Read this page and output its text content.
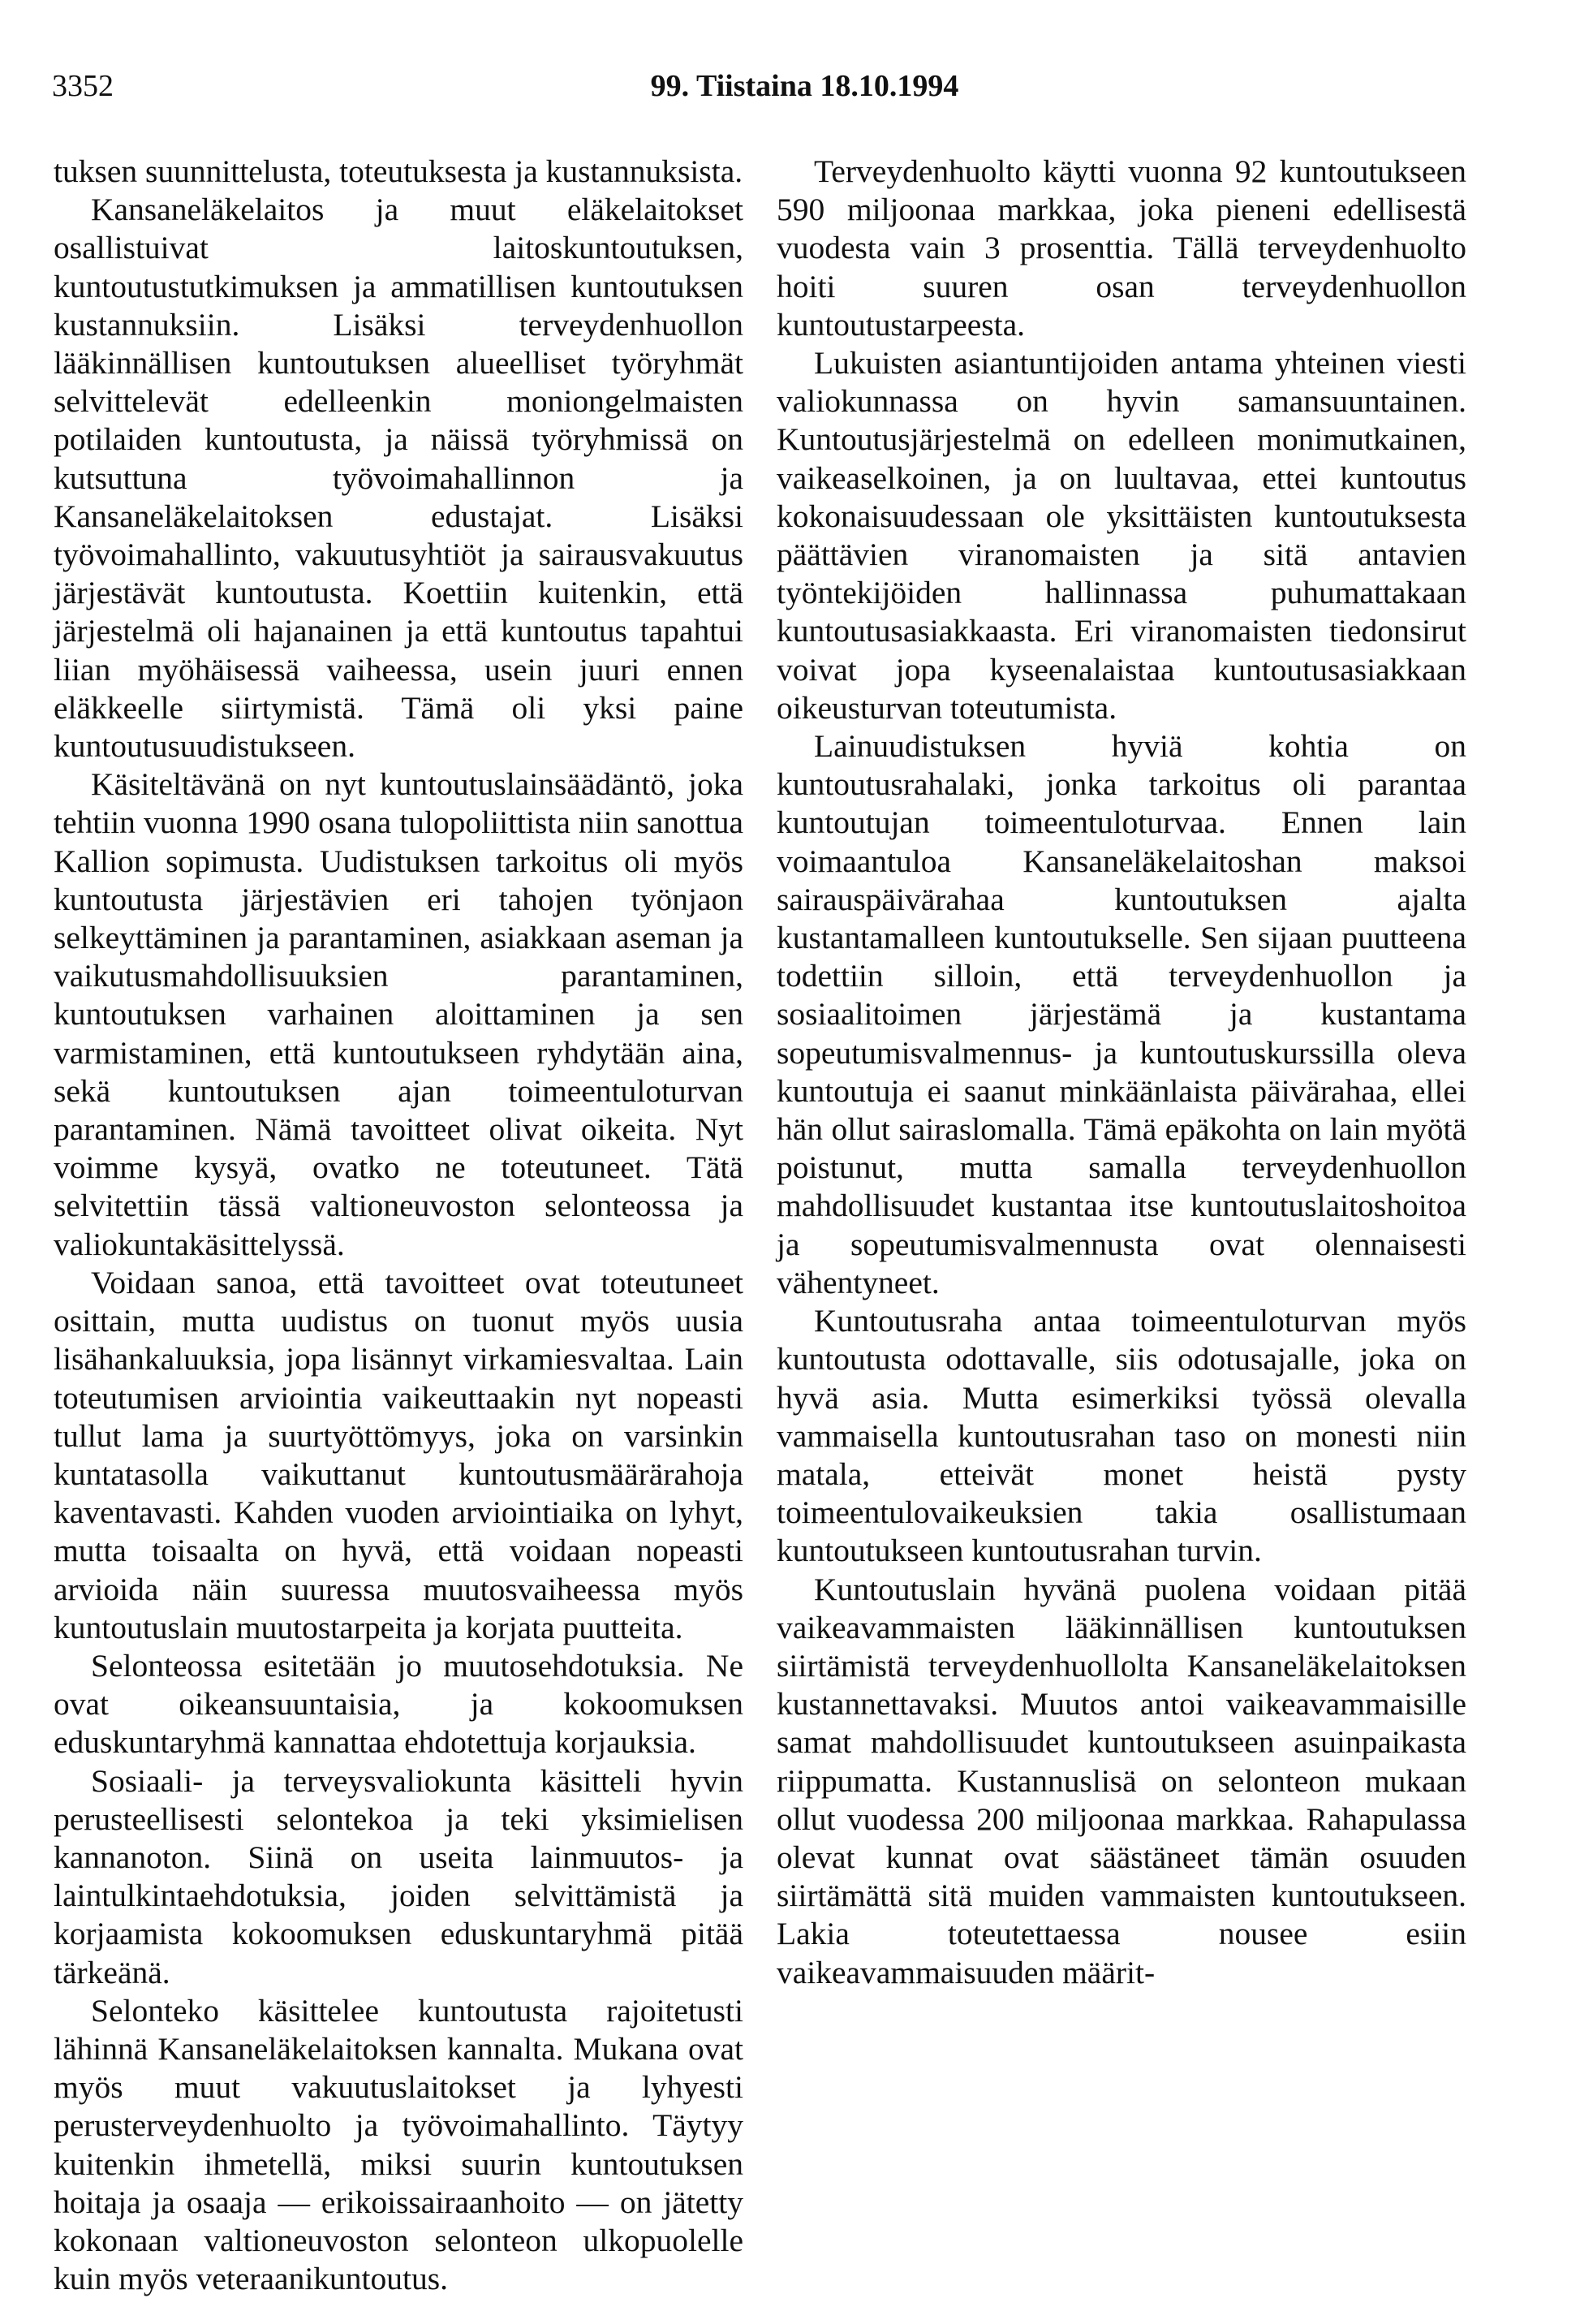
3352	99. Tiistaina 18.10.1994

tuksen suunnittelusta, toteutuksesta ja kustannuksista.

Kansaneläkelaitos ja muut eläkelaitokset osallistuivat laitoskuntoutuksen, kuntoutustutkimuksen ja ammatillisen kuntoutuksen kustannuksiin. Lisäksi terveydenhuollon lääkinnällisen kuntoutuksen alueelliset työryhmät selvittelevät edelleenkin moniongelmaisten potilaiden kuntoutusta, ja näissä työryhmissä on kutsuttuna työvoimahallinnon ja Kansaneläkelaitoksen edustajat. Lisäksi työvoimahallinto, vakuutusyhtiöt ja sairausvakuutus järjestävät kuntoutusta. Koettiin kuitenkin, että järjestelmä oli hajanainen ja että kuntoutus tapahtui liian myöhäisessä vaiheessa, usein juuri ennen eläkkeelle siirtymistä. Tämä oli yksi paine kuntoutusuudistukseen.

Käsiteltävänä on nyt kuntoutuslainsäädäntö, joka tehtiin vuonna 1990 osana tulopoliittista niin sanottua Kallion sopimusta. Uudistuksen tarkoitus oli myös kuntoutusta järjestävien eri tahojen työnjaon selkeyttäminen ja parantaminen, asiakkaan aseman ja vaikutusmahdollisuuksien parantaminen, kuntoutuksen varhainen aloittaminen ja sen varmistaminen, että kuntoutukseen ryhdytään aina, sekä kuntoutuksen ajan toimeentuloturvan parantaminen. Nämä tavoitteet olivat oikeita. Nyt voimme kysyä, ovatko ne toteutuneet. Tätä selvitettiin tässä valtioneuvoston selonteossa ja valiokuntakäsittelyssä.

Voidaan sanoa, että tavoitteet ovat toteutuneet osittain, mutta uudistus on tuonut myös uusia lisähankaluuksia, jopa lisännyt virkamiesvaltaa. Lain toteutumisen arviointia vaikeuttaakin nyt nopeasti tullut lama ja suurtyöttömyys, joka on varsinkin kuntatasolla vaikuttanut kuntoutusmäärärahoja kaventavasti. Kahden vuoden arviointiaika on lyhyt, mutta toisaalta on hyvä, että voidaan nopeasti arvioida näin suuressa muutosvaiheessa myös kuntoutuslain muutostarpeita ja korjata puutteita.

Selonteossa esitetään jo muutosehdotuksia. Ne ovat oikeansuuntaisia, ja kokoomuksen eduskuntaryhmä kannattaa ehdotettuja korjauksia.

Sosiaali- ja terveysvaliokunta käsitteli hyvin perusteellisesti selontekoa ja teki yksimielisen kannanoton. Siinä on useita lainmuutos- ja laintulkintaehdotuksia, joiden selvittämistä ja korjaamista kokoomuksen eduskuntaryhmä pitää tärkeänä.

Selonteko käsittelee kuntoutusta rajoitetusti lähinnä Kansaneläkelaitoksen kannalta. Mukana ovat myös muut vakuutuslaitokset ja lyhyesti perusterveydenhuolto ja työvoimahallinto. Täytyy kuitenkin ihmetellä, miksi suurin kuntoutuksen hoitaja ja osaaja — erikoissairaanhoito — on jätetty kokonaan valtioneuvoston selonteon ulkopuolelle kuin myös veteraanikuntoutus.

Terveydenhuolto käytti vuonna 92 kuntoutukseen 590 miljoonaa markkaa, joka pieneni edellisestä vuodesta vain 3 prosenttia. Tällä terveydenhuolto hoiti suuren osan terveydenhuollon kuntoutustarpeesta.

Lukuisten asiantuntijoiden antama yhteinen viesti valiokunnassa on hyvin samansuuntainen. Kuntoutusjärjestelmä on edelleen monimutkainen, vaikeaselkoinen, ja on luultavaa, ettei kuntoutus kokonaisuudessaan ole yksittäisten kuntoutuksesta päättävien viranomaisten ja sitä antavien työntekijöiden hallinnassa puhumattakaan kuntoutusasiakkaasta. Eri viranomaisten tiedonsirut voivat jopa kyseenalaistaa kuntoutusasiakkaan oikeusturvan toteutumista.

Lainuudistuksen hyviä kohtia on kuntoutusrahalaki, jonka tarkoitus oli parantaa kuntoutujan toimeentuloturvaa. Ennen lain voimaantuloa Kansaneläkelaitoshan maksoi sairauspäivärahaa kuntoutuksen ajalta kustantamalleen kuntoutukselle. Sen sijaan puutteena todettiin silloin, että terveydenhuollon ja sosiaalitoimen järjestämä ja kustantama sopeutumisvalmennus- ja kuntoutuskurssilla oleva kuntoutuja ei saanut minkäänlaista päivärahaa, ellei hän ollut sairaslomalla. Tämä epäkohta on lain myötä poistunut, mutta samalla terveydenhuollon mahdollisuudet kustantaa itse kuntoutuslaitoshoitoa ja sopeutumisvalmennusta ovat olennaisesti vähentyneet.

Kuntoutusraha antaa toimeentuloturvan myös kuntoutusta odottavalle, siis odotusajalle, joka on hyvä asia. Mutta esimerkiksi työssä olevalla vammaisella kuntoutusrahan taso on monesti niin matala, etteivät monet heistä pysty toimeentulovaikeuksien takia osallistumaan kuntoutukseen kuntoutusrahan turvin.

Kuntoutuslain hyvänä puolena voidaan pitää vaikeavammaisten lääkinnällisen kuntoutuksen siirtämistä terveydenhuollolta Kansaneläkelaitoksen kustannettavaksi. Muutos antoi vaikeavammaisille samat mahdollisuudet kuntoutukseen asuinpaikasta riippumatta. Kustannuslisä on selonteon mukaan ollut vuodessa 200 miljoonaa markkaa. Rahapulassa olevat kunnat ovat säästäneet tämän osuuden siirtämättä sitä muiden vammaisten kuntoutukseen. Lakia toteutettaessa nousee esiin vaikeavammaisuuden määrit-
